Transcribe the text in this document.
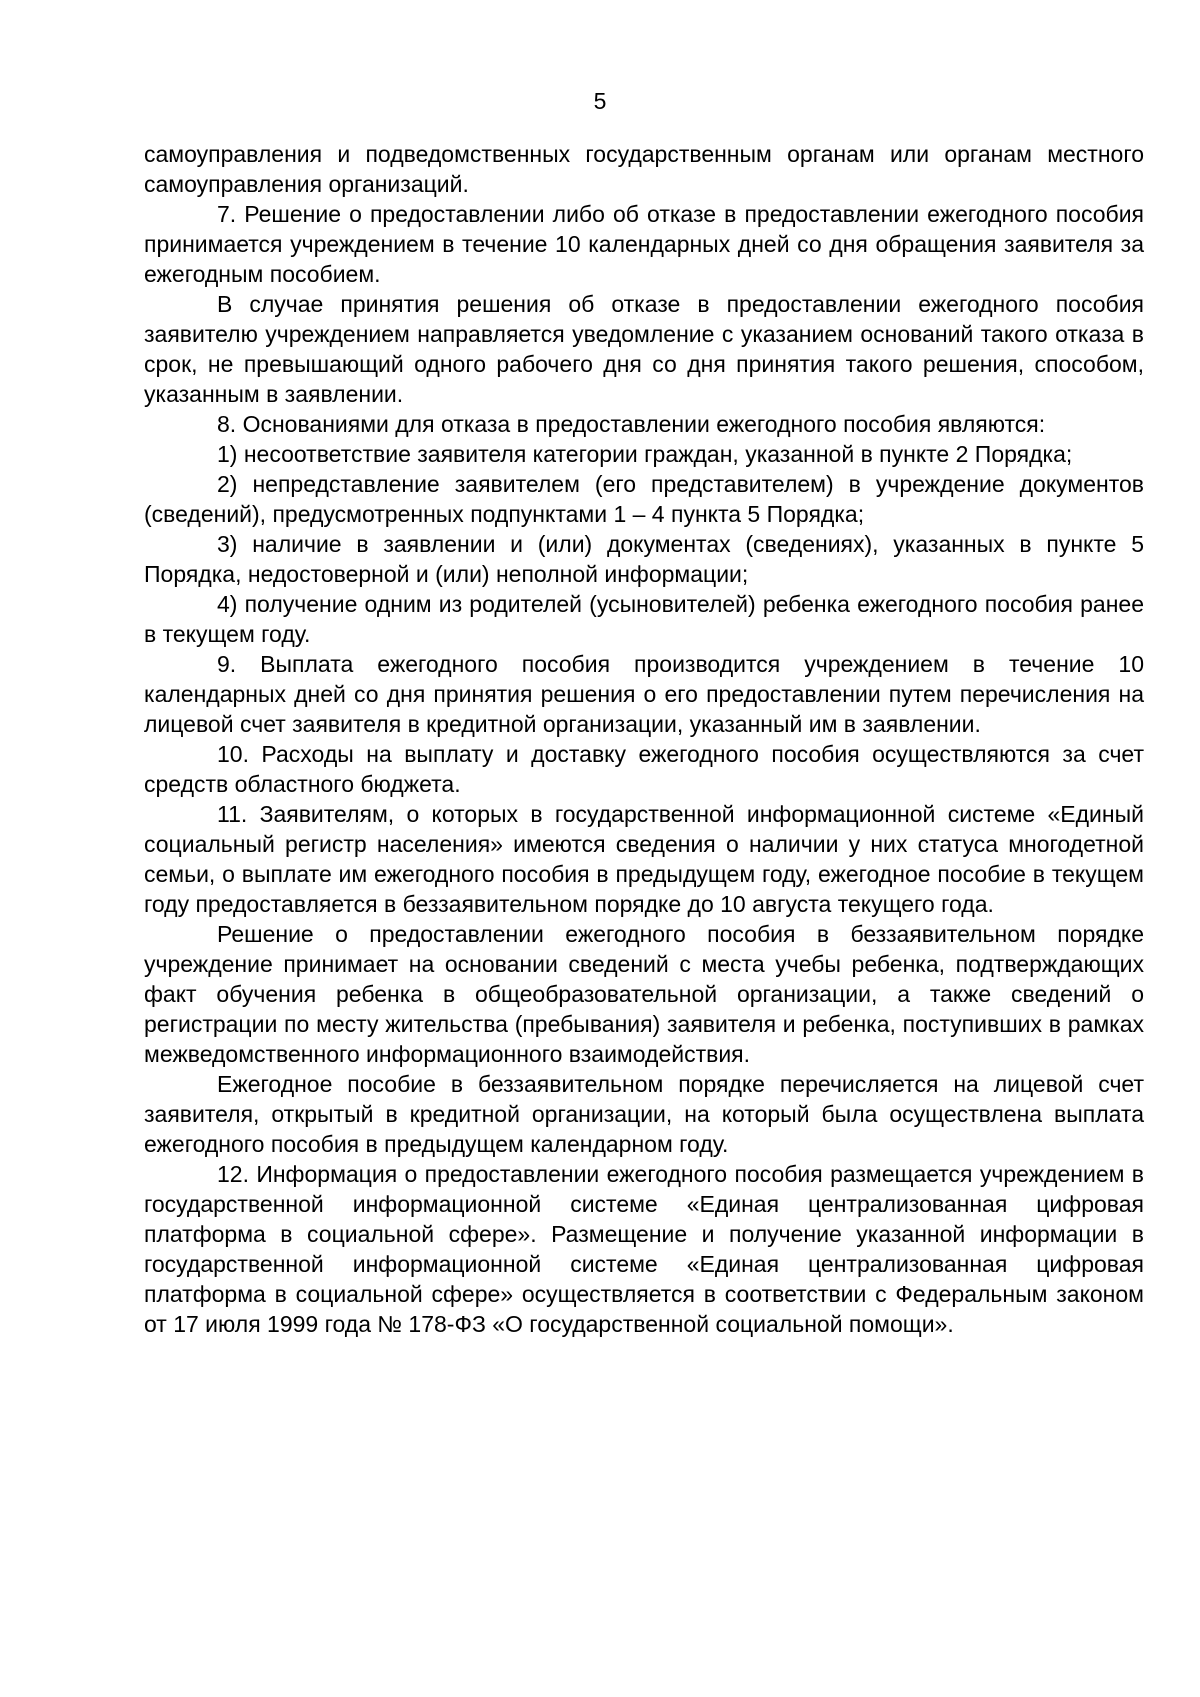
5

самоуправления и подведомственных государственным органам или органам местного самоуправления организаций.

7. Решение о предоставлении либо об отказе в предоставлении ежегодного пособия принимается учреждением в течение 10 календарных дней со дня обращения заявителя за ежегодным пособием.

В случае принятия решения об отказе в предоставлении ежегодного пособия заявителю учреждением направляется уведомление с указанием оснований такого отказа в срок, не превышающий одного рабочего дня со дня принятия такого решения, способом, указанным в заявлении.

8. Основаниями для отказа в предоставлении ежегодного пособия являются:

1) несоответствие заявителя категории граждан, указанной в пункте 2 Порядка;

2) непредставление заявителем (его представителем) в учреждение документов (сведений), предусмотренных подпунктами 1 – 4 пункта 5 Порядка;

3) наличие в заявлении и (или) документах (сведениях), указанных в пункте 5 Порядка, недостоверной и (или) неполной информации;

4) получение одним из родителей (усыновителей) ребенка ежегодного пособия ранее в текущем году.

9. Выплата ежегодного пособия производится учреждением в течение 10 календарных дней со дня принятия решения о его предоставлении путем перечисления на лицевой счет заявителя в кредитной организации, указанный им в заявлении.

10. Расходы на выплату и доставку ежегодного пособия осуществляются за счет средств областного бюджета.

11. Заявителям, о которых в государственной информационной системе «Единый социальный регистр населения» имеются сведения о наличии у них статуса многодетной семьи, о выплате им ежегодного пособия в предыдущем году, ежегодное пособие в текущем году предоставляется в беззаявительном порядке до 10 августа текущего года.

Решение о предоставлении ежегодного пособия в беззаявительном порядке учреждение принимает на основании сведений с места учебы ребенка, подтверждающих факт обучения ребенка в общеобразовательной организации, а также сведений о регистрации по месту жительства (пребывания) заявителя и ребенка, поступивших в рамках межведомственного информационного взаимодействия.

Ежегодное пособие в беззаявительном порядке перечисляется на лицевой счет заявителя, открытый в кредитной организации, на который была осуществлена выплата ежегодного пособия в предыдущем календарном году.

12. Информация о предоставлении ежегодного пособия размещается учреждением в государственной информационной системе «Единая централизованная цифровая платформа в социальной сфере». Размещение и получение указанной информации в государственной информационной системе «Единая централизованная цифровая платформа в социальной сфере» осуществляется в соответствии с Федеральным законом от 17 июля 1999 года № 178-ФЗ «О государственной социальной помощи».
